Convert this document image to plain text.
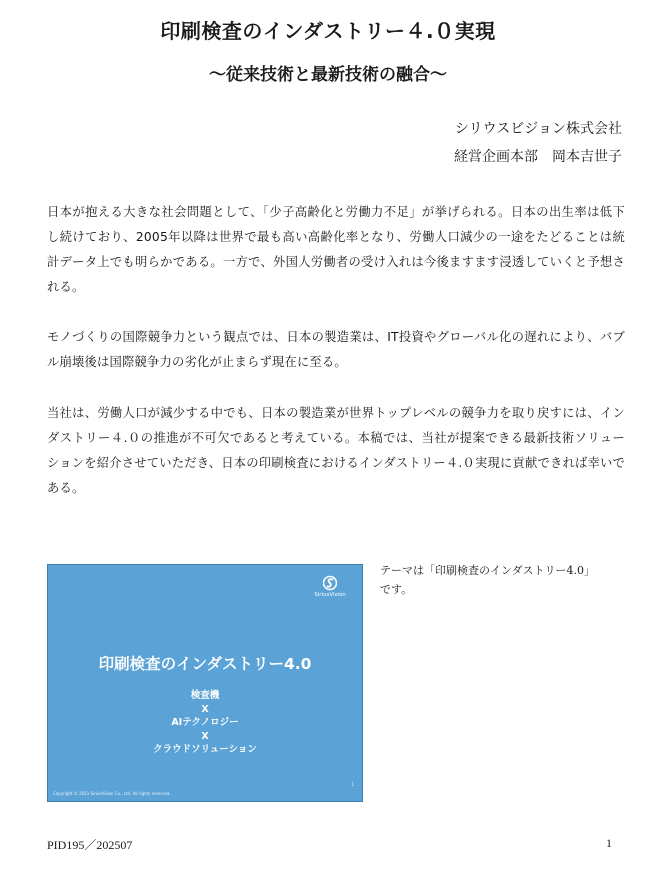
印刷検査のインダストリー４.０実現
〜従来技術と最新技術の融合〜
シリウスビジョン株式会社
経営企画本部　岡本吉世子

日本が抱える大きな社会問題として、「少子高齢化と労働力不足」が挙げられる。日本の出生率は低下し続けており、2005年以降は世界で最も高い高齢化率となり、労働人口減少の一途をたどることは統計データ上でも明らかである。一方で、外国人労働者の受け入れは今後ますます浸透していくと予想される。

モノづくりの国際競争力という観点では、日本の製造業は、IT投資やグローバル化の遅れにより、バブル崩壊後は国際競争力の劣化が止まらず現在に至る。

当社は、労働人口が減少する中でも、日本の製造業が世界トップレベルの競争力を取り戻すには、インダストリー４.０の推進が不可欠であると考えている。本稿では、当社が提案できる最新技術ソリューションを紹介させていただき、日本の印刷検査におけるインダストリー４.０実現に貢献できれば幸いである。

SiriusVision
印刷検査のインダストリー4.0
検査機
X
AIテクノロジー
X
クラウドソリューション
Copyright © 2021 SiriusVision Co., Ltd. All rights reserved.
1
テーマは「印刷検査のインダストリー4.0」
です。
PID195／202507	1
